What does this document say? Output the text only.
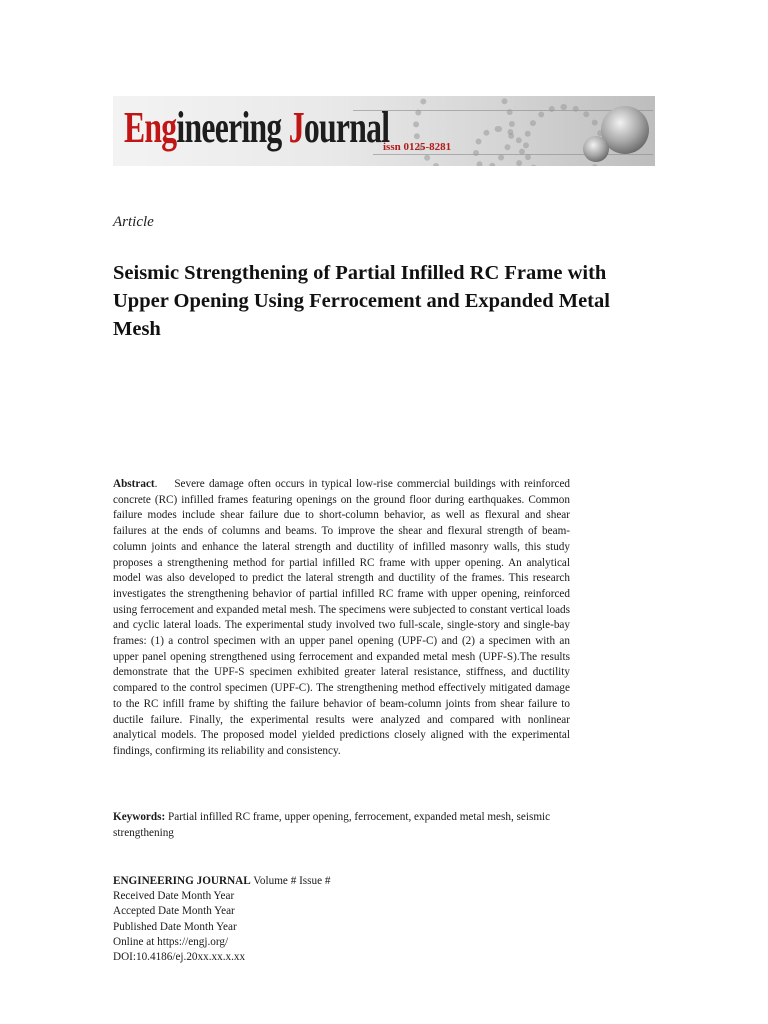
Engineering Journal
issn 0125-8281
Article
Seismic Strengthening of Partial Infilled RC Frame with Upper Opening Using Ferrocement and Expanded Metal Mesh

Abstract.    Severe damage often occurs in typical low-rise commercial buildings with reinforced concrete (RC) infilled frames featuring openings on the ground floor during earthquakes. Common failure modes include shear failure due to short-column behavior, as well as flexural and shear failures at the ends of columns and beams. To improve the shear and flexural strength of beam-column joints and enhance the lateral strength and ductility of infilled masonry walls, this study proposes a strengthening method for partial infilled RC frame with upper opening. An analytical model was also developed to predict the lateral strength and ductility of the frames. This research investigates the strengthening behavior of partial infilled RC frame with upper opening, reinforced using ferrocement and expanded metal mesh. The specimens were subjected to constant vertical loads and cyclic lateral loads. The experimental study involved two full-scale, single-story and single-bay frames: (1) a control specimen with an upper panel opening (UPF-C) and (2) a specimen with an upper panel opening strengthened using ferrocement and expanded metal mesh (UPF-S).The results demonstrate that the UPF-S specimen exhibited greater lateral resistance, stiffness, and ductility compared to the control specimen (UPF-C). The strengthening method effectively mitigated damage to the RC infill frame by shifting the failure behavior of beam-column joints from shear failure to ductile failure. Finally, the experimental results were analyzed and compared with nonlinear analytical models. The proposed model yielded predictions closely aligned with the experimental findings, confirming its reliability and consistency.

Keywords: Partial infilled RC frame, upper opening, ferrocement, expanded metal mesh, seismic strengthening

ENGINEERING JOURNAL Volume # Issue #
Received Date Month Year
Accepted Date Month Year
Published Date Month Year
Online at https://engj.org/
DOI:10.4186/ej.20xx.xx.x.xx
